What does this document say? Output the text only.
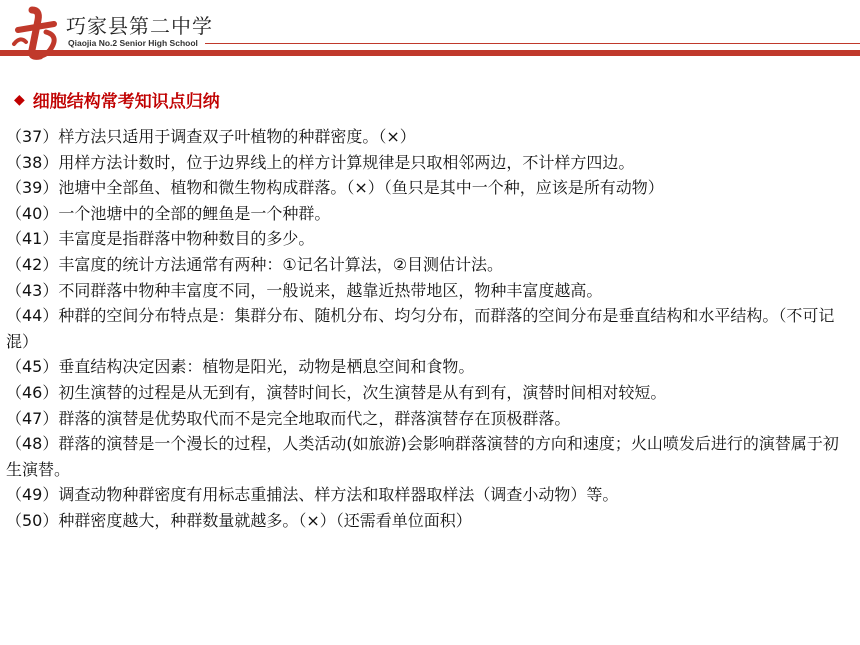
巧家县第二中学
Qiaojia No.2 Senior High School
◆ 细胞结构常考知识点归纳

（37）样方法只适用于调查双子叶植物的种群密度。（×）

（38）用样方法计数时，位于边界线上的样方计算规律是只取相邻两边，不计样方四边。

（39）池塘中全部鱼、植物和微生物构成群落。（×）（鱼只是其中一个种，应该是所有动物）

（40）一个池塘中的全部的鲤鱼是一个种群。

（41）丰富度是指群落中物种数目的多少。

（42）丰富度的统计方法通常有两种：①记名计算法，②目测估计法。

（43）不同群落中物种丰富度不同，一般说来，越靠近热带地区，物种丰富度越高。

（44）种群的空间分布特点是：集群分布、随机分布、均匀分布，而群落的空间分布是垂直结构和水平结构。（不可记混）

（45）垂直结构决定因素：植物是阳光，动物是栖息空间和食物。

（46）初生演替的过程是从无到有，演替时间长，次生演替是从有到有，演替时间相对较短。

（47）群落的演替是优势取代而不是完全地取而代之，群落演替存在顶极群落。

（48）群落的演替是一个漫长的过程，人类活动(如旅游)会影响群落演替的方向和速度；火山喷发后进行的演替属于初生演替。

（49）调查动物种群密度有用标志重捕法、样方法和取样器取样法（调查小动物）等。

（50）种群密度越大，种群数量就越多。（×）（还需看单位面积）
